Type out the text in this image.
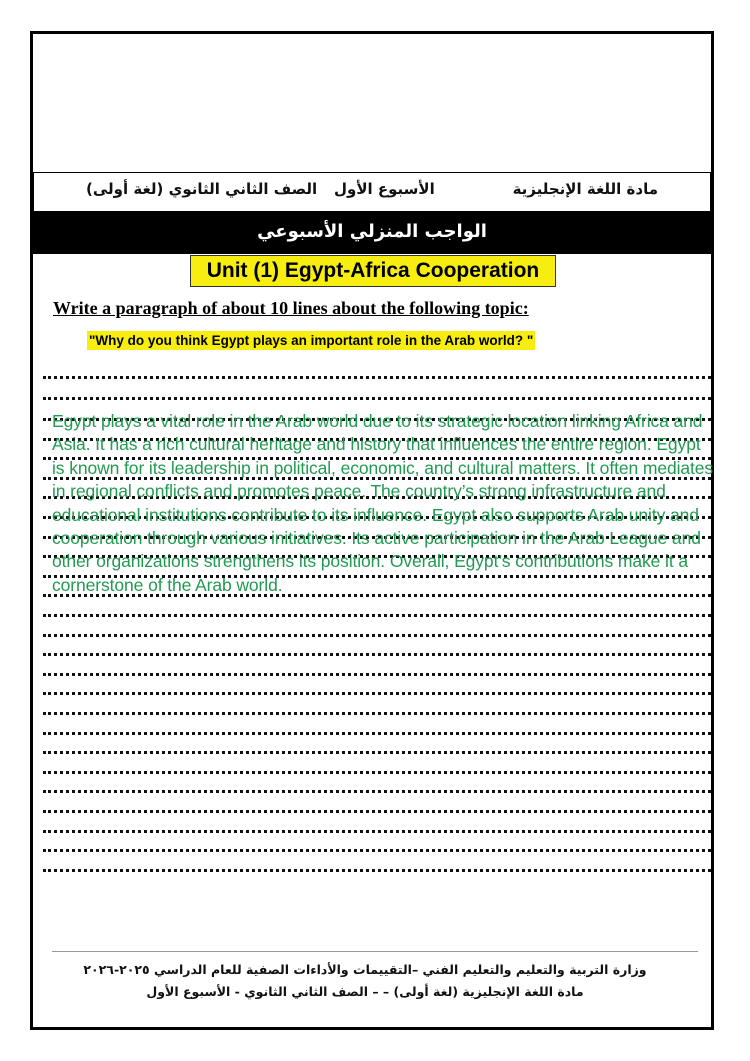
مادة اللغة الإنجليزية
الأسبوع الأول
الصف الثاني الثانوي (لغة أولى)
الواجب المنزلي الأسبوعي
Unit (1) Egypt-Africa Cooperation
Write a paragraph of about 10 lines about the following topic:
"Why do you think Egypt plays an important role in the Arab world? "

Egypt plays a vital role in the Arab world due to its strategic location linking Africa and Asia. It has a rich cultural heritage and history that influences the entire region. Egypt is known for its leadership in political, economic, and cultural matters. It often mediates in regional conflicts and promotes peace. The country’s strong infrastructure and educational institutions contribute to its influence. Egypt also supports Arab unity and cooperation through various initiatives. Its active participation in the Arab League and other organizations strengthens its position. Overall, Egypt’s contributions make it a cornerstone of the Arab world.

وزارة التربية والتعليم والتعليم الفني –التقييمات والأداءات الصفية للعام الدراسي ٢٠٢٥-٢٠٢٦
مادة اللغة الإنجليزية (لغة أولى) – – الصف الثاني الثانوي - الأسبوع الأول
